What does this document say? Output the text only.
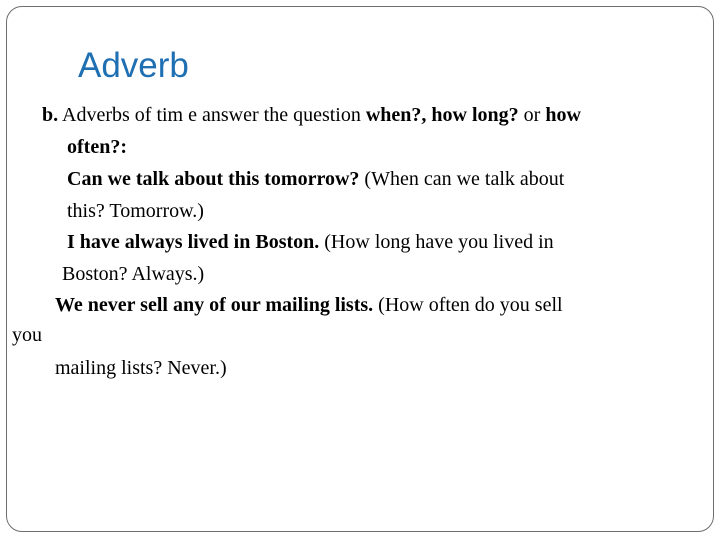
Adverb

b. Adverbs of tim e answer the question when?, how long? or how

often?:

Can we talk about this tomorrow? (When can we talk about

this? Tomorrow.)

I have always lived in Boston. (How long have you lived in

Boston? Always.)

We never sell any of our mailing lists. (How often do you sell

you

mailing lists? Never.)
